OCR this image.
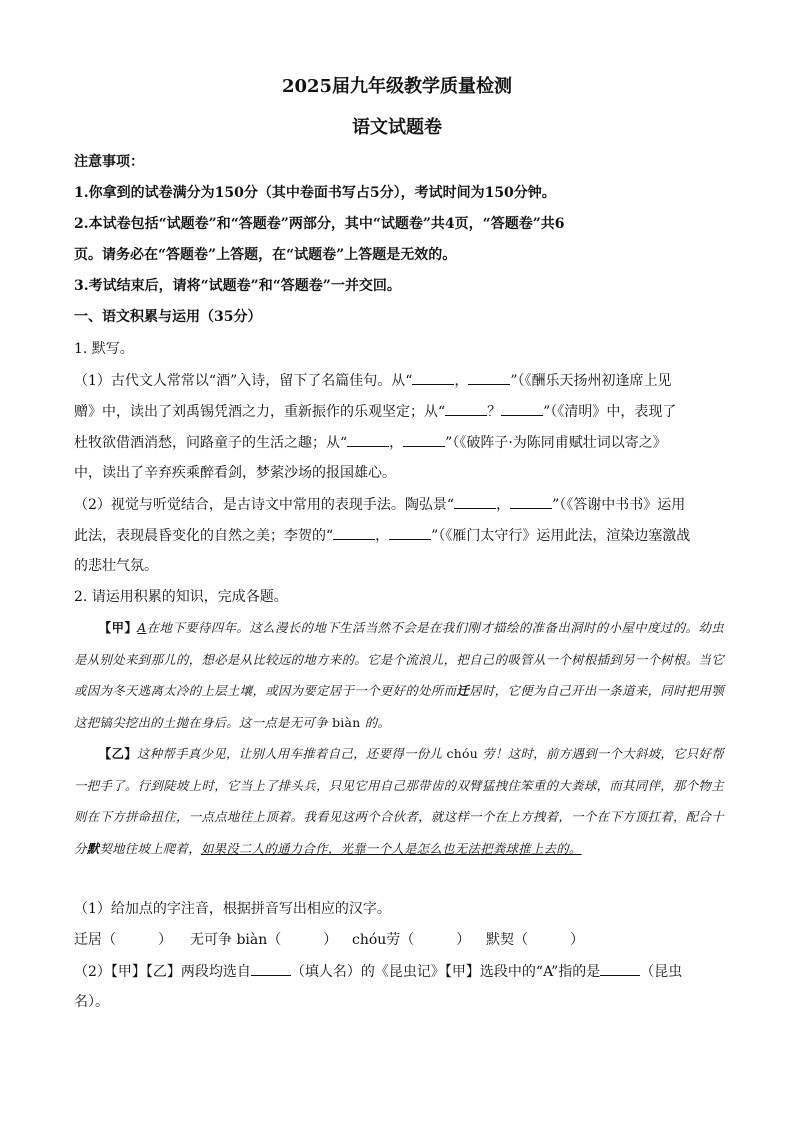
2025届九年级教学质量检测
语文试题卷
注意事项：
1.你拿到的试卷满分为150分（其中卷面书写占5分），考试时间为150分钟。
2.本试卷包括“试题卷”和“答题卷”两部分，其中“试题卷”共4页，“答题卷”共6
页。请务必在“答题卷”上答题，在“试题卷”上答题是无效的。
3.考试结束后，请将“试题卷”和“答题卷”一并交回。
一、语文积累与运用（35分）
1. 默写。
（1）古代文人常常以“酒”入诗，留下了名篇佳句。从“	，	”（《酬乐天扬州初逢席上见
赠》中，读出了刘禹锡凭酒之力，重新振作的乐观坚定；从“	？	”（《清明》中，表现了
杜牧欲借酒消愁，问路童子的生活之趣；从“	，	”（《破阵子·为陈同甫赋壮词以寄之》
中，读出了辛弃疾乘醉看剑，梦萦沙场的报国雄心。
（2）视觉与听觉结合，是古诗文中常用的表现手法。陶弘景“	，	”（《答谢中书书》运用
此法，表现晨昏变化的自然之美；李贺的“	，	”（《雁门太守行》运用此法，渲染边塞激战
的悲壮气氛。
2. 请运用积累的知识，完成各题。

【甲】A在地下要待四年。这么漫长的地下生活当然不会是在我们刚才描绘的准备出洞时的小屋中度过的。幼虫是从别处来到那儿的，想必是从比较远的地方来的。它是个流浪儿，把自己的吸管从一个树根插到另一个树根。当它或因为冬天逃离太冷的上层土壤，或因为要定居于一个更好的处所而迁居时，它便为自己开出一条道来，同时把用颚这把镐尖挖出的土抛在身后。这一点是无可争 biàn 的。

【乙】这种帮手真少见，让别人用车推着自己，还要得一份儿 chóu 劳！这时，前方遇到一个大斜坡，它只好帮一把手了。行到陡坡上时，它当上了排头兵，只见它用自己那带齿的双臂猛拽住笨重的大粪球，而其同伴，那个物主则在下方拼命扭住，一点点地往上顶着。我看见这两个合伙者，就这样一个在上方拽着，一个在下方顶扛着，配合十分默契地往坡上爬着，如果没二人的通力合作，光靠一个人是怎么也无法把粪球推上去的。

（1）给加点的字注音，根据拼音写出相应的汉字。
迁居（　　　） 无可争 biàn（　　　） chóu劳（　　　） 默契（　　　）
（2）【甲】【乙】两段均选自	（填人名）的《昆虫记》【甲】选段中的“A”指的是	（昆虫
名）。
